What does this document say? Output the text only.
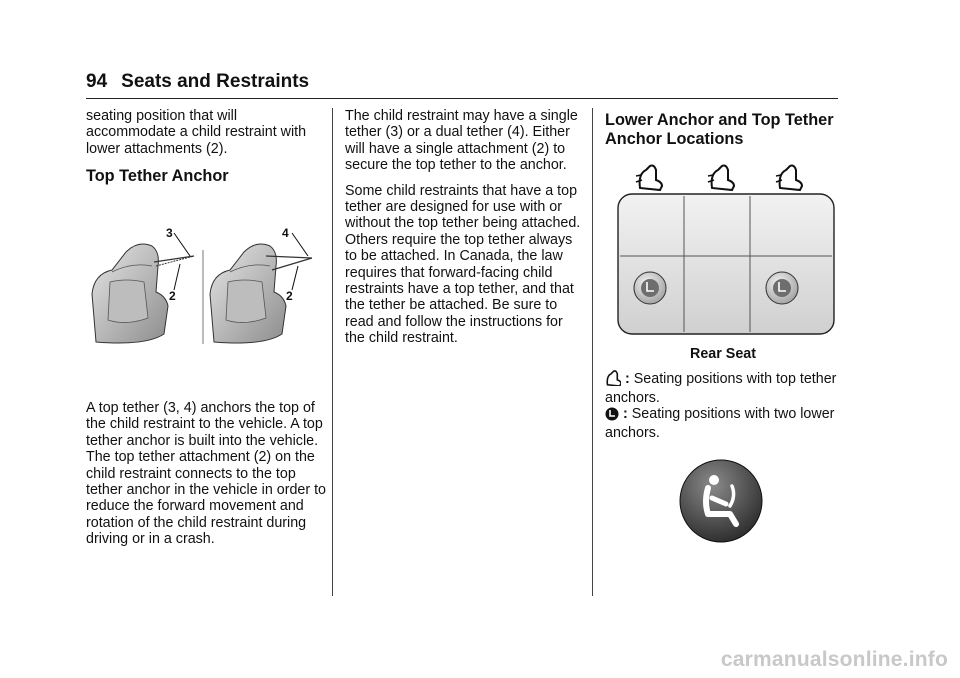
94 Seats and Restraints

seating position that will accommodate a child restraint with lower attachments (2).

Top Tether Anchor
3
2
4
2

A top tether (3, 4) anchors the top of the child restraint to the vehicle. A top tether anchor is built into the vehicle. The top tether attachment (2) on the child restraint connects to the top tether anchor in the vehicle in order to reduce the forward movement and rotation of the child restraint during driving or in a crash.

The child restraint may have a single tether (3) or a dual tether (4). Either will have a single attachment (2) to secure the top tether to the anchor.

Some child restraints that have a top tether are designed for use with or without the top tether being attached. Others require the top tether always to be attached. In Canada, the law requires that forward-facing child restraints have a top tether, and that the tether be attached. Be sure to read and follow the instructions for the child restraint.

Lower Anchor and Top Tether Anchor Locations
Rear Seat
: Seating positions with top tether anchors.
: Seating positions with two lower anchors.
carmanualsonline.info
